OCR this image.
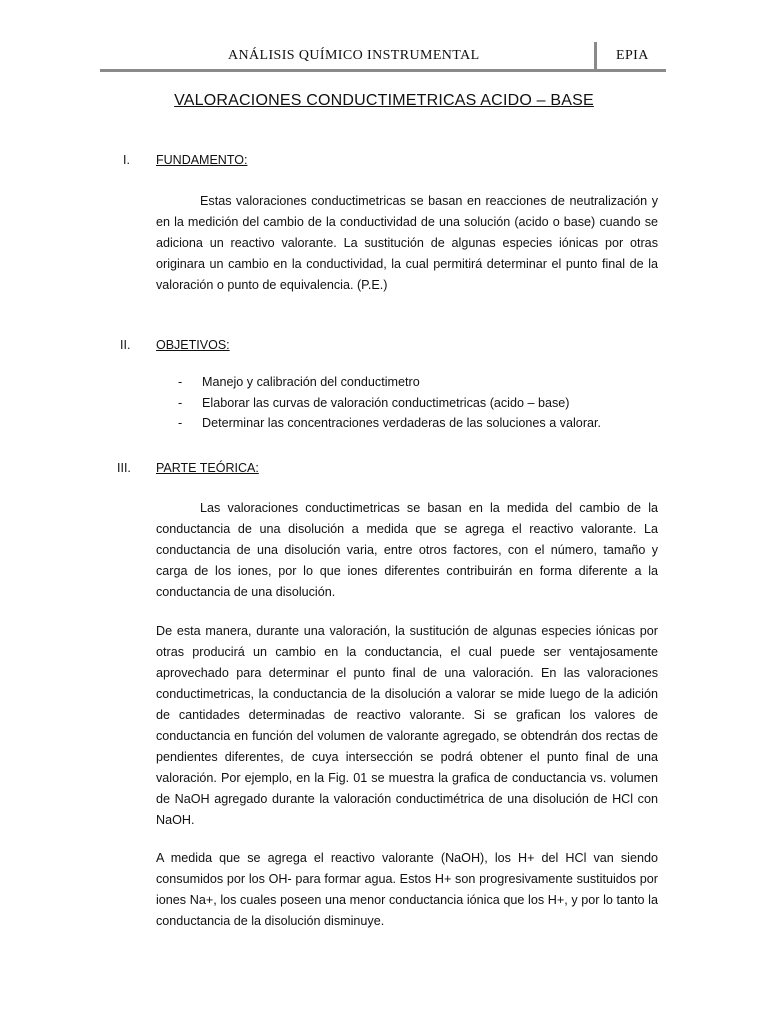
ANÁLISIS QUÍMICO INSTRUMENTAL	EPIA
VALORACIONES CONDUCTIMETRICAS ACIDO – BASE
I. FUNDAMENTO:

Estas valoraciones conductimetricas se basan en reacciones de neutralización y en la medición del cambio de la conductividad de una solución (acido o base) cuando se adiciona un reactivo valorante. La sustitución de algunas especies iónicas por otras originara un cambio en la conductividad, la cual permitirá determinar el punto final de la valoración o punto de equivalencia. (P.E.)

II. OBJETIVOS:
- Manejo y calibración del conductimetro
- Elaborar las curvas de valoración conductimetricas (acido – base)
- Determinar las concentraciones verdaderas de las soluciones a valorar.
III. PARTE TEÓRICA:

Las valoraciones conductimetricas se basan en la medida del cambio de la conductancia de una disolución a medida que se agrega el reactivo valorante. La conductancia de una disolución varia, entre otros factores, con el número, tamaño y carga de los iones, por lo que iones diferentes contribuirán en forma diferente a la conductancia de una disolución.

De esta manera, durante una valoración, la sustitución de algunas especies iónicas por otras producirá un cambio en la conductancia, el cual puede ser ventajosamente aprovechado para determinar el punto final de una valoración. En las valoraciones conductimetricas, la conductancia de la disolución a valorar se mide luego de la adición de cantidades determinadas de reactivo valorante. Si se grafican los valores de conductancia en función del volumen de valorante agregado, se obtendrán dos rectas de pendientes diferentes, de cuya intersección se podrá obtener el punto final de una valoración. Por ejemplo, en la Fig. 01 se muestra la grafica de conductancia vs. volumen de NaOH agregado durante la valoración conductimétrica de una disolución de HCl con NaOH.

A medida que se agrega el reactivo valorante (NaOH), los H+ del HCl van siendo consumidos por los OH- para formar agua. Estos H+ son progresivamente sustituidos por iones Na+, los cuales poseen una menor conductancia iónica que los H+, y por lo tanto la conductancia de la disolución disminuye.
